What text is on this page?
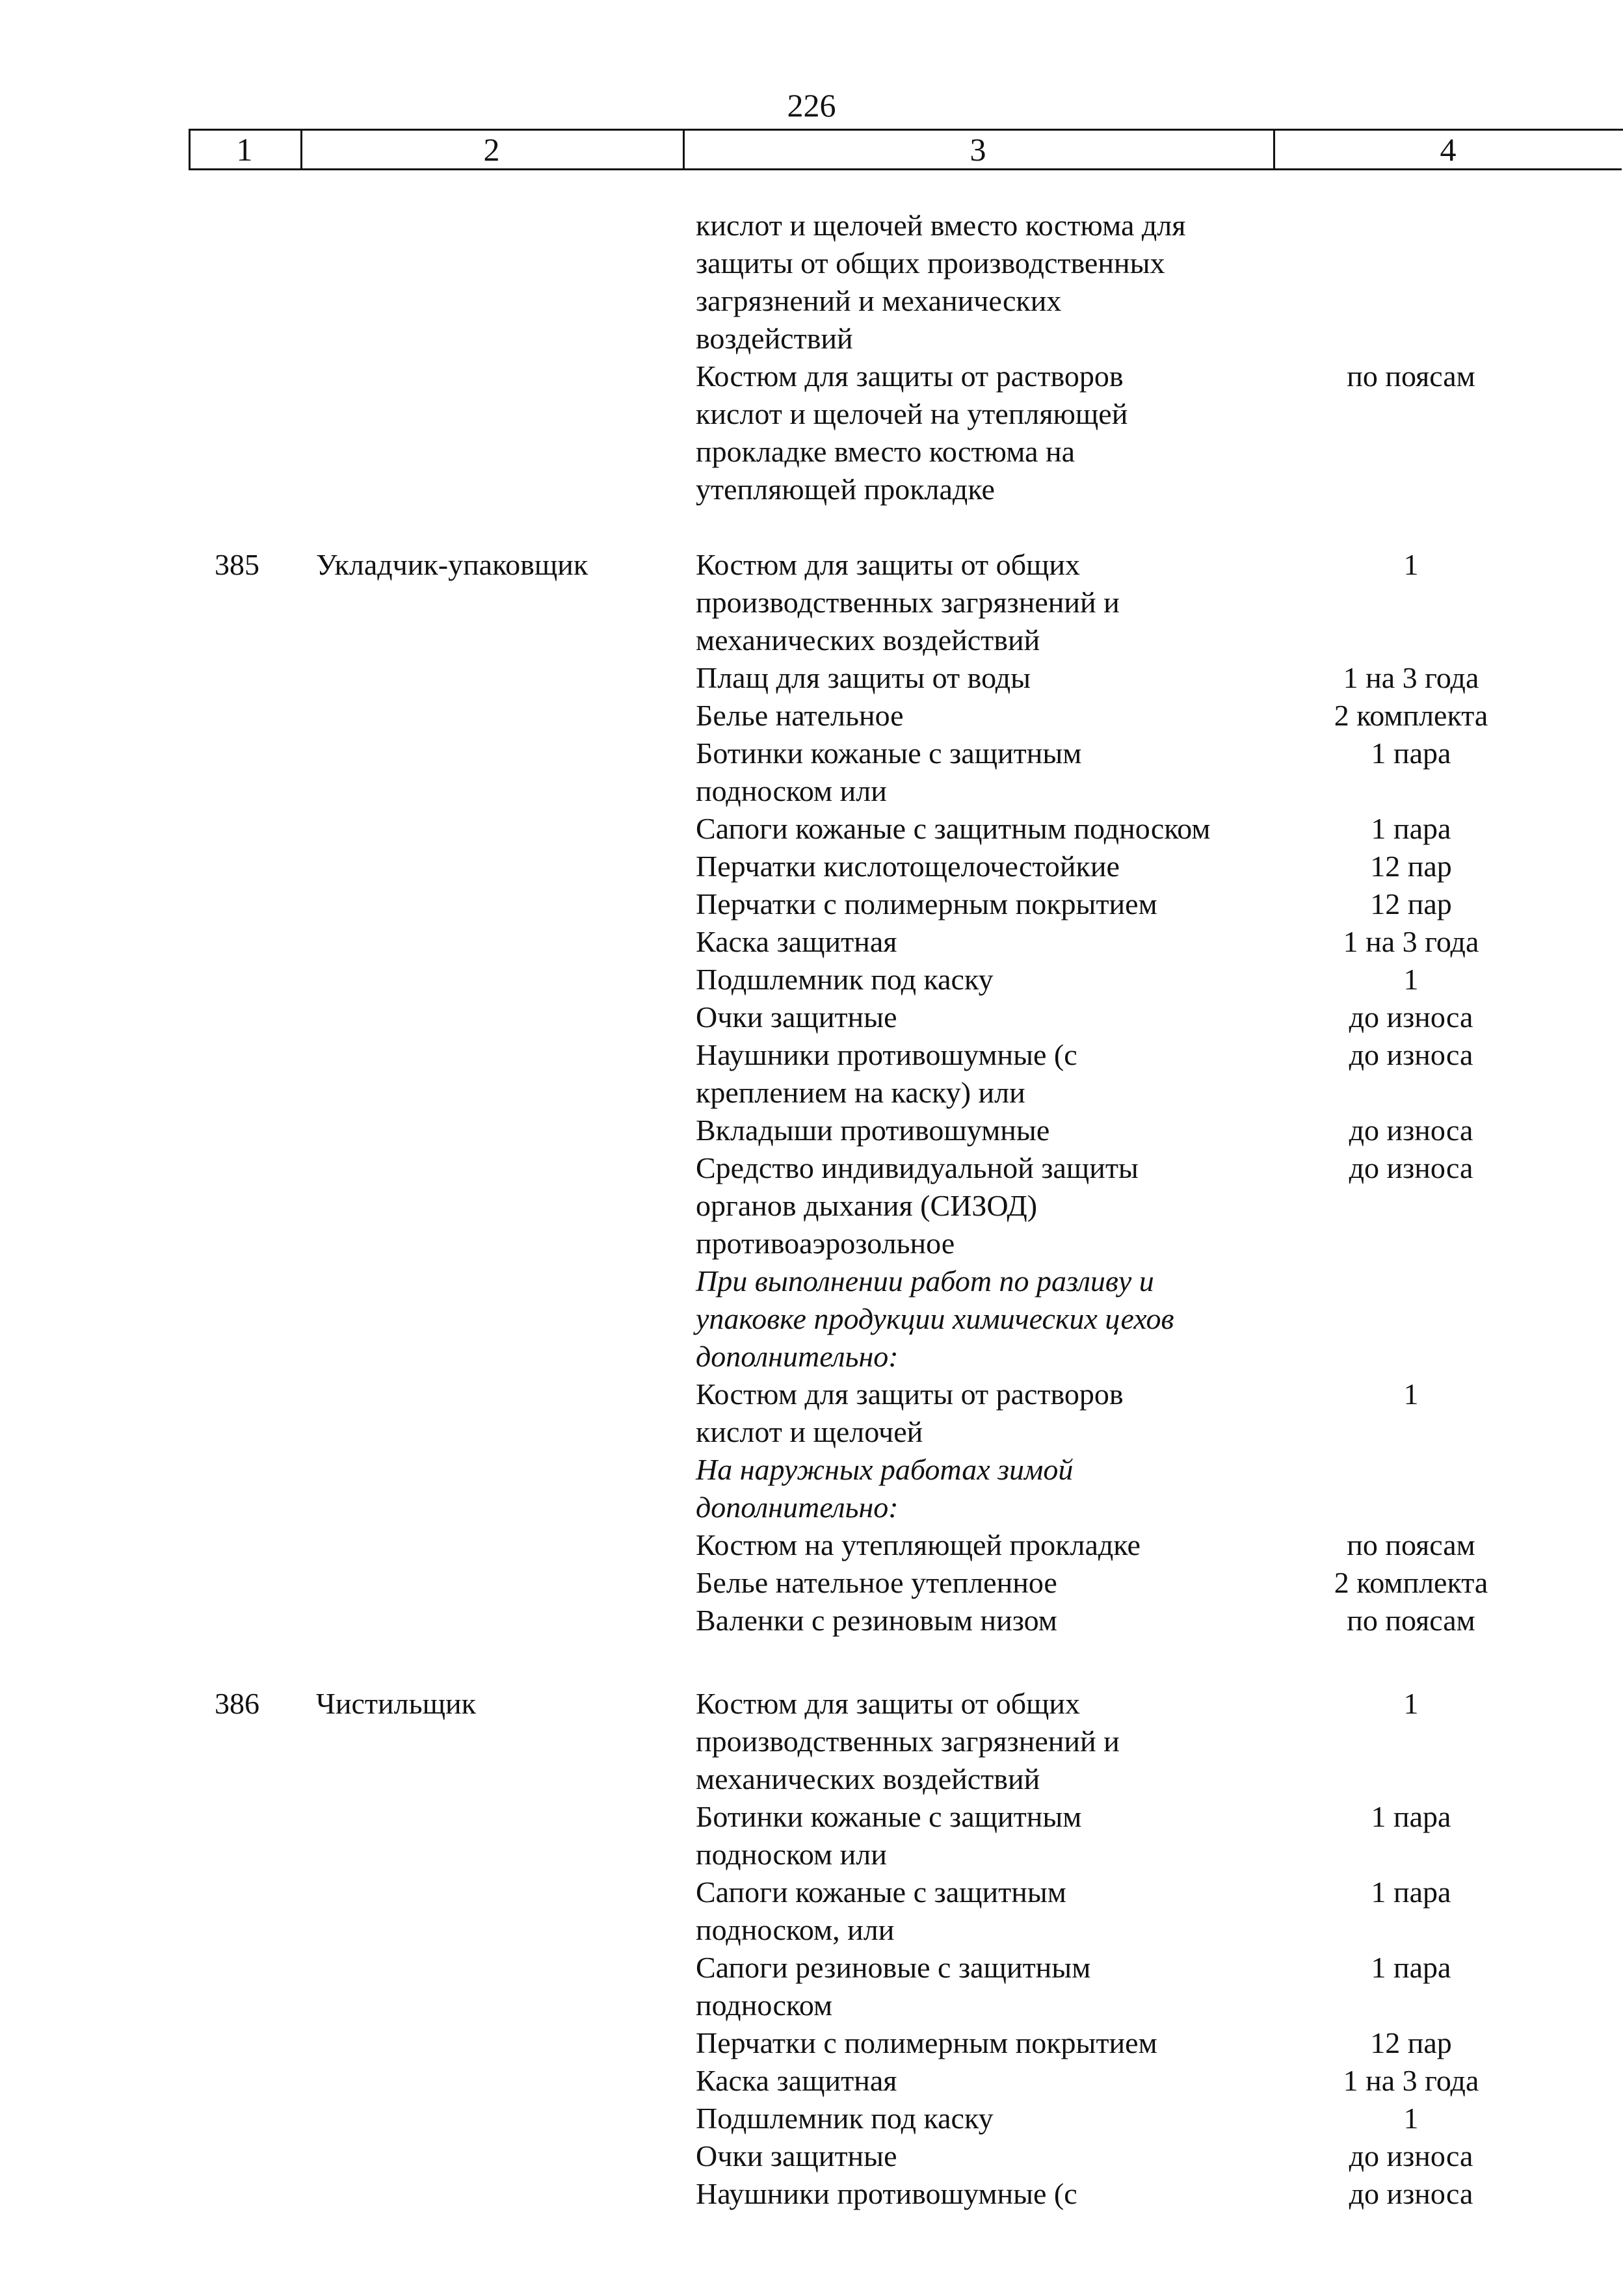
226
1	2	3	4
кислот и щелочей вместо костюма для
защиты от общих производственных
загрязнений и механических
воздействий
Костюм для защиты от растворов	по поясам
кислот и щелочей на утепляющей
прокладке вместо костюма на
утепляющей прокладке
385 Укладчик-упаковщик	Костюм для защиты от общих	1
производственных загрязнений и
механических воздействий
Плащ для защиты от воды	1 на 3 года
Белье нательное	2 комплекта
Ботинки кожаные с защитным	1 пара
подноском или
Сапоги кожаные с защитным подноском	1 пара
Перчатки кислотощелочестойкие	12 пар
Перчатки с полимерным покрытием	12 пар
Каска защитная	1 на 3 года
Подшлемник под каску	1
Очки защитные	до износа
Наушники противошумные (с	до износа
креплением на каску) или
Вкладыши противошумные	до износа
Средство индивидуальной защиты	до износа
органов дыхания (СИЗОД)
противоаэрозольное
При выполнении работ по разливу и
упаковке продукции химических цехов
дополнительно:
Костюм для защиты от растворов	1
кислот и щелочей
На наружных работах зимой
дополнительно:
Костюм на утепляющей прокладке	по поясам
Белье нательное утепленное	2 комплекта
Валенки с резиновым низом	по поясам
386 Чистильщик	Костюм для защиты от общих	1
производственных загрязнений и
механических воздействий
Ботинки кожаные с защитным	1 пара
подноском или
Сапоги кожаные с защитным	1 пара
подноском, или
Сапоги резиновые с защитным	1 пара
подноском
Перчатки с полимерным покрытием	12 пар
Каска защитная	1 на 3 года
Подшлемник под каску	1
Очки защитные	до износа
Наушники противошумные (с	до износа
